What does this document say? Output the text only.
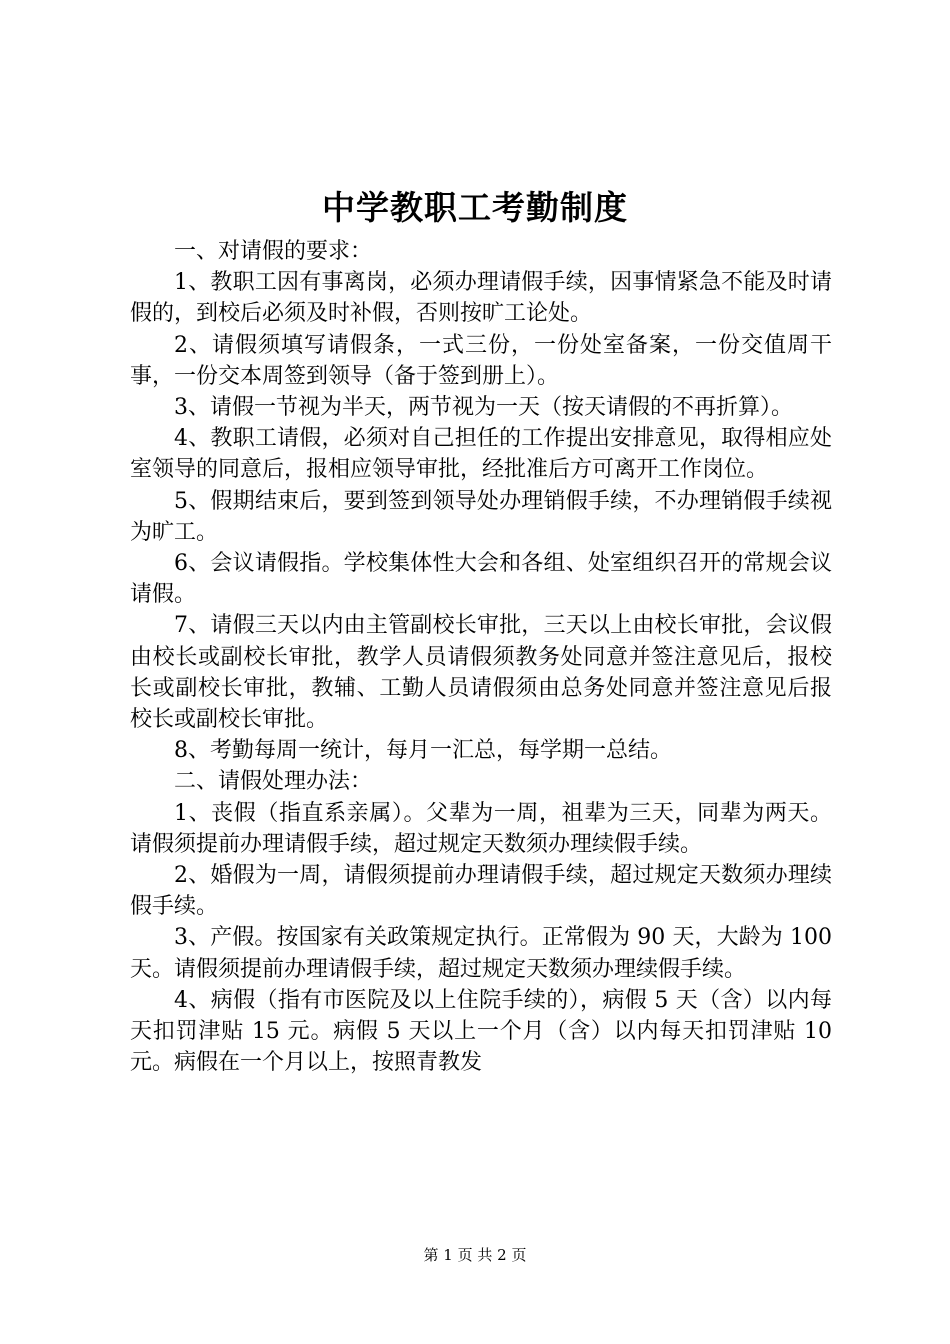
中学教职工考勤制度

一、对请假的要求：

1、教职工因有事离岗，必须办理请假手续，因事情紧急不能及时请假的，到校后必须及时补假，否则按旷工论处。

2、请假须填写请假条，一式三份，一份处室备案，一份交值周干事，一份交本周签到领导（备于签到册上）。

3、请假一节视为半天，两节视为一天（按天请假的不再折算）。

4、教职工请假，必须对自己担任的工作提出安排意见，取得相应处室领导的同意后，报相应领导审批，经批准后方可离开工作岗位。

5、假期结束后，要到签到领导处办理销假手续，不办理销假手续视为旷工。

6、会议请假指。学校集体性大会和各组、处室组织召开的常规会议请假。

7、请假三天以内由主管副校长审批，三天以上由校长审批，会议假由校长或副校长审批，教学人员请假须教务处同意并签注意见后，报校长或副校长审批，教辅、工勤人员请假须由总务处同意并签注意见后报校长或副校长审批。

8、考勤每周一统计，每月一汇总，每学期一总结。

二、请假处理办法：

1、丧假（指直系亲属）。父辈为一周，祖辈为三天，同辈为两天。请假须提前办理请假手续，超过规定天数须办理续假手续。

2、婚假为一周，请假须提前办理请假手续，超过规定天数须办理续假手续。

3、产假。按国家有关政策规定执行。正常假为 90 天，大龄为 100 天。请假须提前办理请假手续，超过规定天数须办理续假手续。

4、病假（指有市医院及以上住院手续的），病假 5 天（含）以内每天扣罚津贴 15 元。病假 5 天以上一个月（含）以内每天扣罚津贴 10 元。病假在一个月以上，按照青教发

第 1 页 共 2 页
